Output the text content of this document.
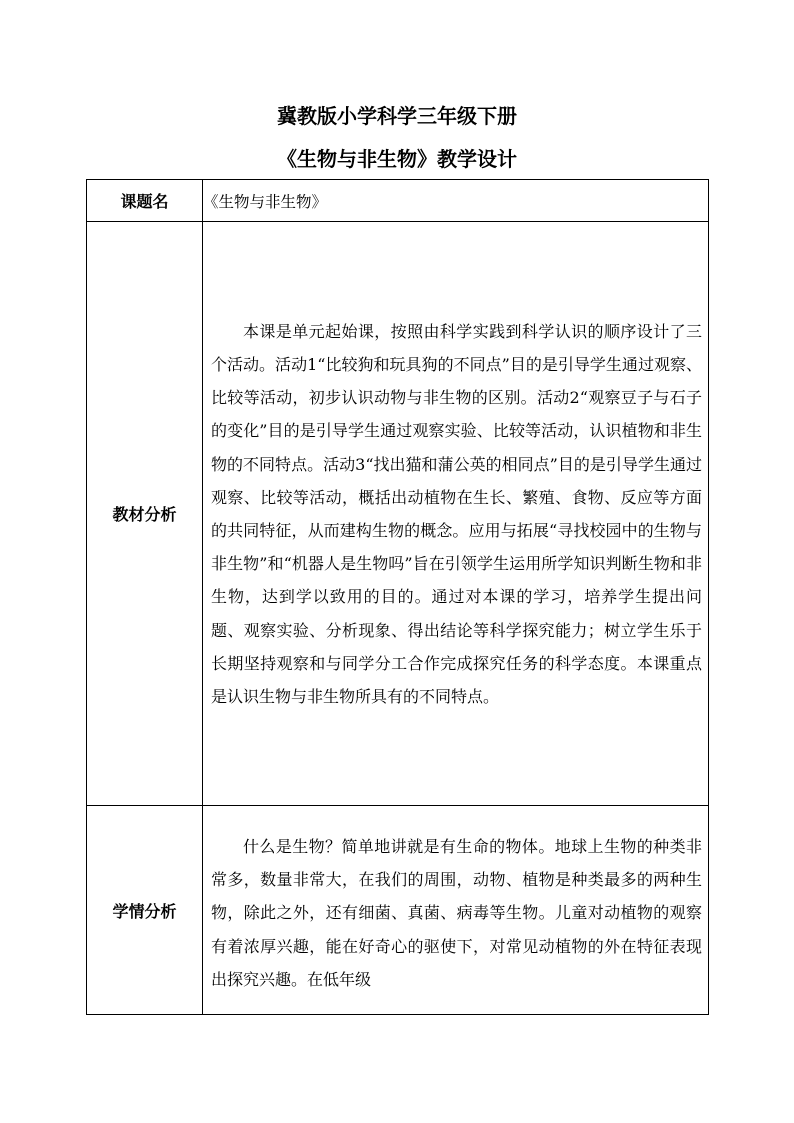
冀教版小学科学三年级下册
《生物与非生物》教学设计
课题名	《生物与非生物》
教材分析	本课是单元起始课，按照由科学实践到科学认识的顺序设计了三个活动。活动1“比较狗和玩具狗的不同点”目的是引导学生通过观察、比较等活动，初步认识动物与非生物的区别。活动2“观察豆子与石子的变化”目的是引导学生通过观察实验、比较等活动，认识植物和非生物的不同特点。活动3“找出猫和蒲公英的相同点”目的是引导学生通过观察、比较等活动，概括出动植物在生长、繁殖、食物、反应等方面的共同特征，从而建构生物的概念。应用与拓展“寻找校园中的生物与非生物”和“机器人是生物吗”旨在引领学生运用所学知识判断生物和非生物，达到学以致用的目的。通过对本课的学习，培养学生提出问题、观察实验、分析现象、得出结论等科学探究能力；树立学生乐于长期坚持观察和与同学分工合作完成探究任务的科学态度。本课重点是认识生物与非生物所具有的不同特点。

学情分析	什么是生物？简单地讲就是有生命的物体。地球上生物的种类非常多，数量非常大，在我们的周围，动物、植物是种类最多的两种生物，除此之外，还有细菌、真菌、病毒等生物。儿童对动植物的观察有着浓厚兴趣，能在好奇心的驱使下，对常见动植物的外在特征表现出探究兴趣。在低年级
